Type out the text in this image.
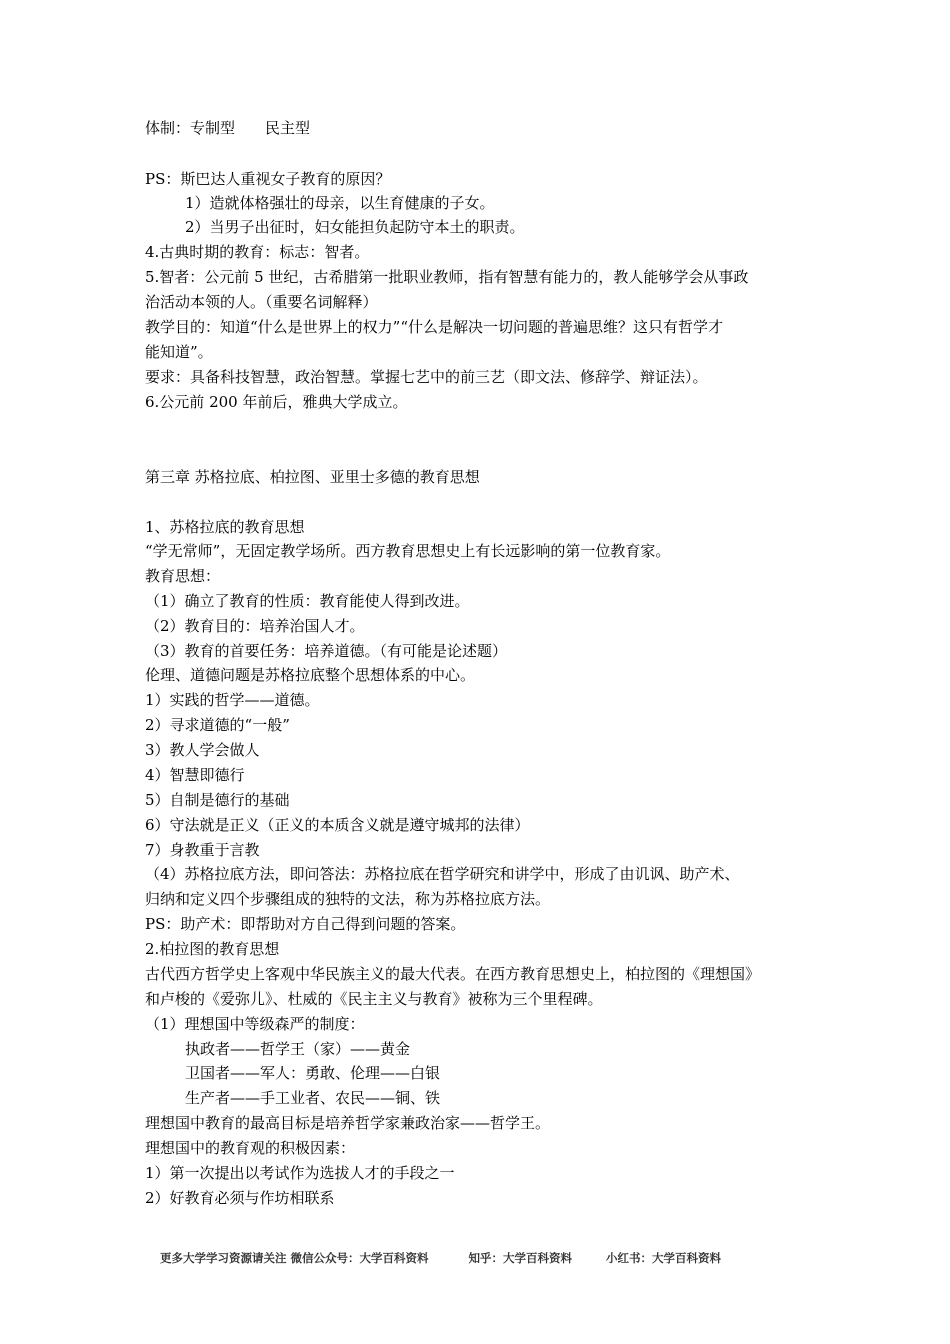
体制：专制型　　民主型
PS：斯巴达人重视女子教育的原因？
1）造就体格强壮的母亲，以生育健康的子女。
2）当男子出征时，妇女能担负起防守本土的职责。
4.古典时期的教育：标志：智者。
5.智者：公元前 5 世纪，古希腊第一批职业教师，指有智慧有能力的，教人能够学会从事政
治活动本领的人。（重要名词解释）
教学目的：知道“什么是世界上的权力”“什么是解决一切问题的普遍思维？这只有哲学才
能知道”。
要求：具备科技智慧，政治智慧。掌握七艺中的前三艺（即文法、修辞学、辩证法）。
6.公元前 200 年前后，雅典大学成立。
第三章 苏格拉底、柏拉图、亚里士多德的教育思想
1、苏格拉底的教育思想
“学无常师”，无固定教学场所。西方教育思想史上有长远影响的第一位教育家。
教育思想：
（1）确立了教育的性质：教育能使人得到改进。
（2）教育目的：培养治国人才。
（3）教育的首要任务：培养道德。（有可能是论述题）
伦理、道德问题是苏格拉底整个思想体系的中心。
1）实践的哲学——道德。
2）寻求道德的“一般”
3）教人学会做人
4）智慧即德行
5）自制是德行的基础
6）守法就是正义（正义的本质含义就是遵守城邦的法律）
7）身教重于言教
（4）苏格拉底方法，即问答法：苏格拉底在哲学研究和讲学中，形成了由讥讽、助产术、
归纳和定义四个步骤组成的独特的文法，称为苏格拉底方法。
PS：助产术：即帮助对方自己得到问题的答案。
2.柏拉图的教育思想
古代西方哲学史上客观中华民族主义的最大代表。在西方教育思想史上，柏拉图的《理想国》
和卢梭的《爱弥儿》、杜威的《民主主义与教育》被称为三个里程碑。
（1）理想国中等级森严的制度：
执政者——哲学王（家）——黄金
卫国者——军人：勇敢、伦理——白银
生产者——手工业者、农民——铜、铁
理想国中教育的最高目标是培养哲学家兼政治家——哲学王。
理想国中的教育观的积极因素：
1）第一次提出以考试作为选拔人才的手段之一
2）好教育必须与作坊相联系
更多大学学习资源请关注 微信公众号：大学百科资料	知乎：大学百科资料	小红书：大学百科资料
